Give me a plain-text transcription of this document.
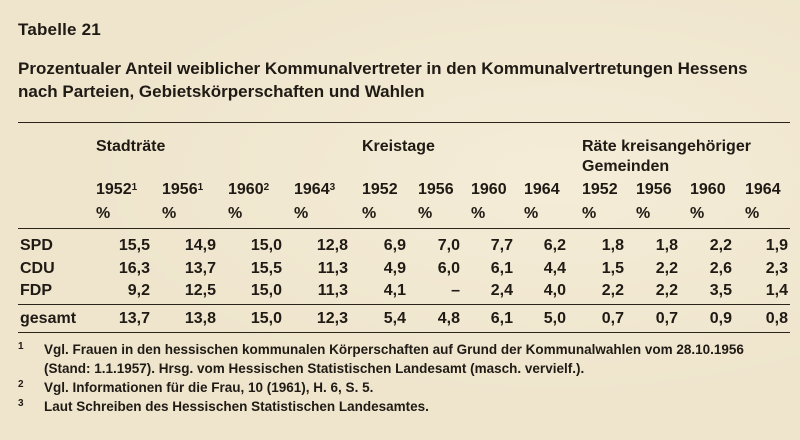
Tabelle 21
Prozentualer Anteil weiblicher Kommunalvertreter in den Kommunalvertretungen Hessens
nach Parteien, Gebietskörperschaften und Wahlen
Stadträte	Kreistage	Räte kreisangehöriger
Gemeinden
1952$^1$ 1956$^1$ 1960$^2$ 1964$^3$ 1952 1956 1960 1964 1952 1956 1960 1964
%	%	%	%	%	% % %	% % %	%
SPD	15,5	14,9	15,0	12,8	6,9	7,0	7,7	6,2	1,8	1,8	2,2	1,9
CDU	16,3	13,7	15,5	11,3	4,9	6,0	6,1	4,4	1,5	2,2	2,6	2,3
FDP	9,2	12,5	15,0	11,3	4,1	–	2,4	4,0	2,2	2,2	3,5	1,4
gesamt	13,7	13,8	15,0	12,3	5,4	4,8	6,1	5,0	0,7	0,7	0,9	0,8
1 Vgl. Frauen in den hessischen kommunalen Körperschaften auf Grund der Kommunalwahlen vom 28.10.1956
(Stand: 1.1.1957). Hrsg. vom Hessischen Statistischen Landesamt (masch. vervielf.).
2 Vgl. Informationen für die Frau, 10 (1961), H. 6, S. 5.
3 Laut Schreiben des Hessischen Statistischen Landesamtes.
